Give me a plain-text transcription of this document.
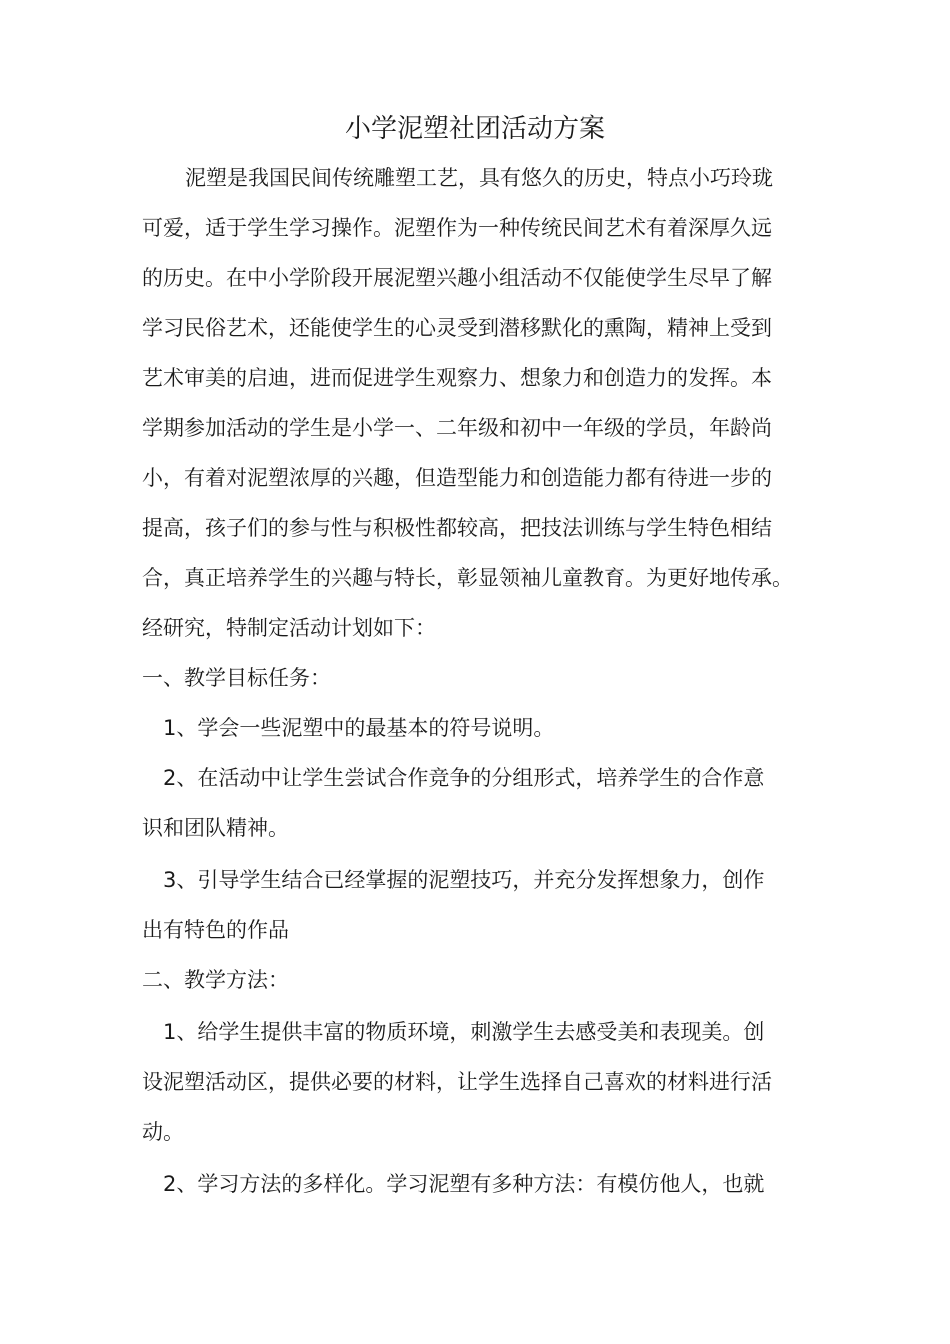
小学泥塑社团活动方案

泥塑是我国民间传统雕塑工艺，具有悠久的历史，特点小巧玲珑

可爱，适于学生学习操作。泥塑作为一种传统民间艺术有着深厚久远

的历史。在中小学阶段开展泥塑兴趣小组活动不仅能使学生尽早了解

学习民俗艺术，还能使学生的心灵受到潜移默化的熏陶，精神上受到

艺术审美的启迪，进而促进学生观察力、想象力和创造力的发挥。本

学期参加活动的学生是小学一、二年级和初中一年级的学员，年龄尚

小，有着对泥塑浓厚的兴趣，但造型能力和创造能力都有待进一步的

提高，孩子们的参与性与积极性都较高，把技法训练与学生特色相结

合，真正培养学生的兴趣与特长，彰显领袖儿童教育。为更好地传承。

经研究，特制定活动计划如下：

一、教学目标任务：

1、学会一些泥塑中的最基本的符号说明。

2、在活动中让学生尝试合作竞争的分组形式，培养学生的合作意

识和团队精神。

3、引导学生结合已经掌握的泥塑技巧，并充分发挥想象力，创作

出有特色的作品

二、教学方法：

1、给学生提供丰富的物质环境，刺激学生去感受美和表现美。创

设泥塑活动区，提供必要的材料，让学生选择自己喜欢的材料进行活

动。

2、学习方法的多样化。学习泥塑有多种方法：有模仿他人，也就
